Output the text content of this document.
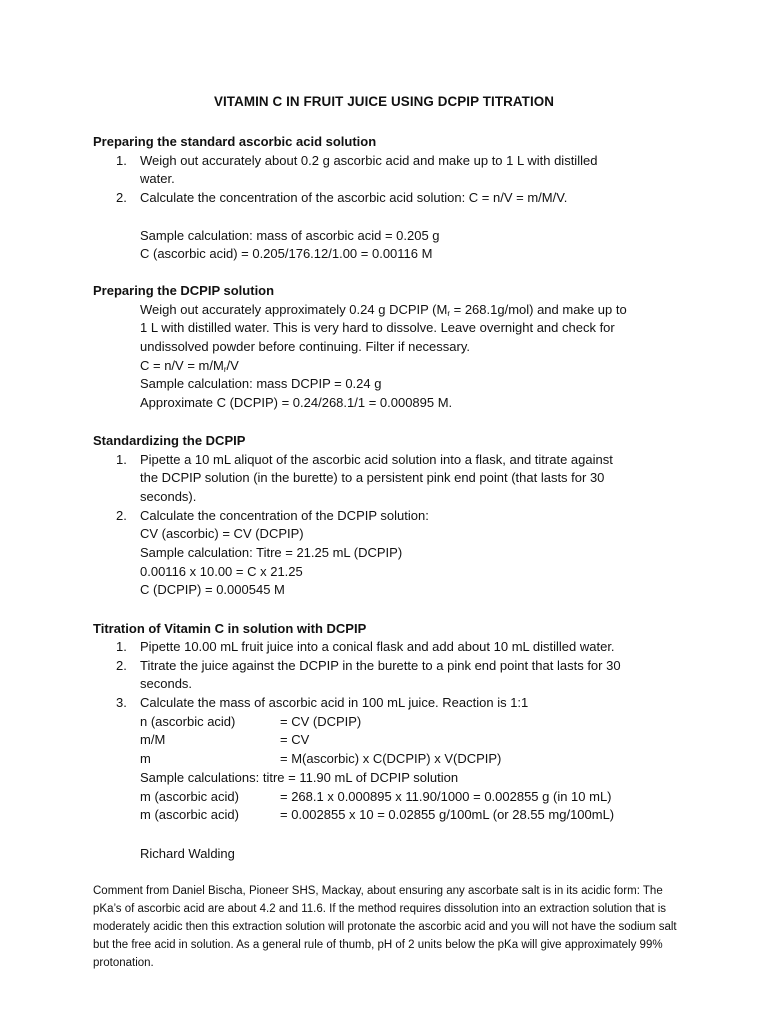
VITAMIN C IN FRUIT JUICE USING DCPIP TITRATION
Preparing the standard ascorbic acid solution
1. Weigh out accurately about 0.2 g ascorbic acid and make up to 1 L with distilled
water.
2. Calculate the concentration of the ascorbic acid solution: C = n/V = m/M/V.
Sample calculation: mass of ascorbic acid = 0.205 g
C (ascorbic acid) = 0.205/176.12/1.00 = 0.00116 M
Preparing the DCPIP solution
Weigh out accurately approximately 0.24 g DCPIP $(M_r = 268.1g/mol)$ and make up to
1 L with distilled water. This is very hard to dissolve. Leave overnight and check for
undissolved powder before continuing. Filter if necessary.
$C = n/V = m/M_r/V$
Sample calculation: mass DCPIP = 0.24 g
Approximate C (DCPIP) = 0.24/268.1/1 = 0.000895 M.
Standardizing the DCPIP
1. Pipette a 10 mL aliquot of the ascorbic acid solution into a flask, and titrate against
the DCPIP solution (in the burette) to a persistent pink end point (that lasts for 30
seconds).
2. Calculate the concentration of the DCPIP solution:
CV (ascorbic) = CV (DCPIP)
Sample calculation: Titre = 21.25 mL (DCPIP)
0.00116 x 10.00 = C x 21.25
C (DCPIP) = 0.000545 M
Titration of Vitamin C in solution with DCPIP
1. Pipette 10.00 mL fruit juice into a conical flask and add about 10 mL distilled water.
2. Titrate the juice against the DCPIP in the burette to a pink end point that lasts for 30
seconds.
3. Calculate the mass of ascorbic acid in 100 mL juice. Reaction is 1:1
n (ascorbic acid)	= CV (DCPIP)
m/M	= CV
m	= M(ascorbic) x C(DCPIP) x V(DCPIP)
Sample calculations: titre = 11.90 mL of DCPIP solution
m (ascorbic acid)	= 268.1 x 0.000895 x 11.90/1000 = 0.002855 g (in 10 mL)
m (ascorbic acid)	= 0.002855 x 10 = 0.02855 g/100mL (or 28.55 mg/100mL)
Richard Walding
Comment from Daniel Bischa, Pioneer SHS, Mackay, about ensuring any ascorbate salt is in its acidic form: The pKa’s of ascorbic acid are about 4.2 and 11.6. If the method requires dissolution into an extraction solution that is moderately acidic then this extraction solution will protonate the ascorbic acid and you will not have the sodium salt but the free acid in solution. As a general rule of thumb, pH of 2 units below the pKa will give approximately 99% protonation.
